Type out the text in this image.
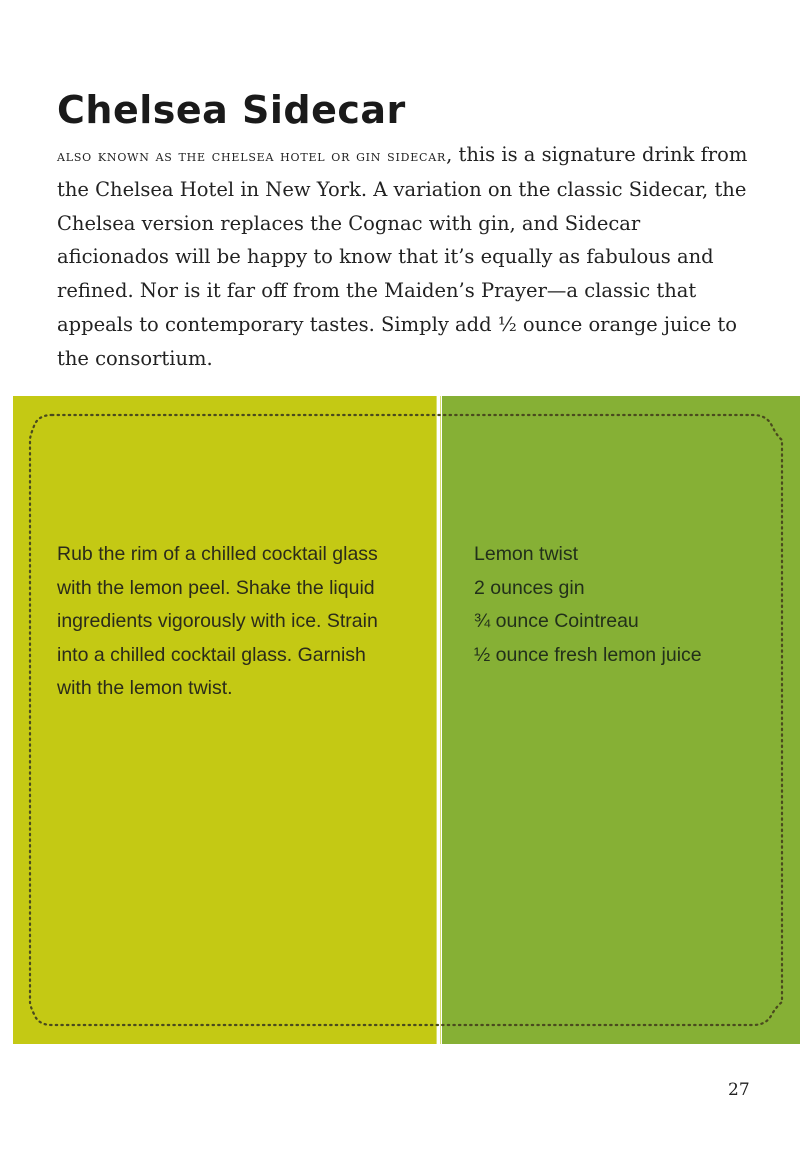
Chelsea Sidecar

also known as the chelsea hotel or gin sidecar, this is a signature drink from the Chelsea Hotel in New York. A variation on the classic Sidecar, the Chelsea version replaces the Cognac with gin, and Sidecar aficionados will be happy to know that it’s equally as fabulous and refined. Nor is it far off from the Maiden’s Prayer—a classic that appeals to contemporary tastes. Simply add ½ ounce orange juice to the consortium.

Rub the rim of a chilled cocktail glass with the lemon peel. Shake the liquid ingredients vigorously with ice. Strain into a chilled cocktail glass. Garnish with the lemon twist.

Lemon twist
2 ounces gin
¾ ounce Cointreau
½ ounce fresh lemon juice
27
